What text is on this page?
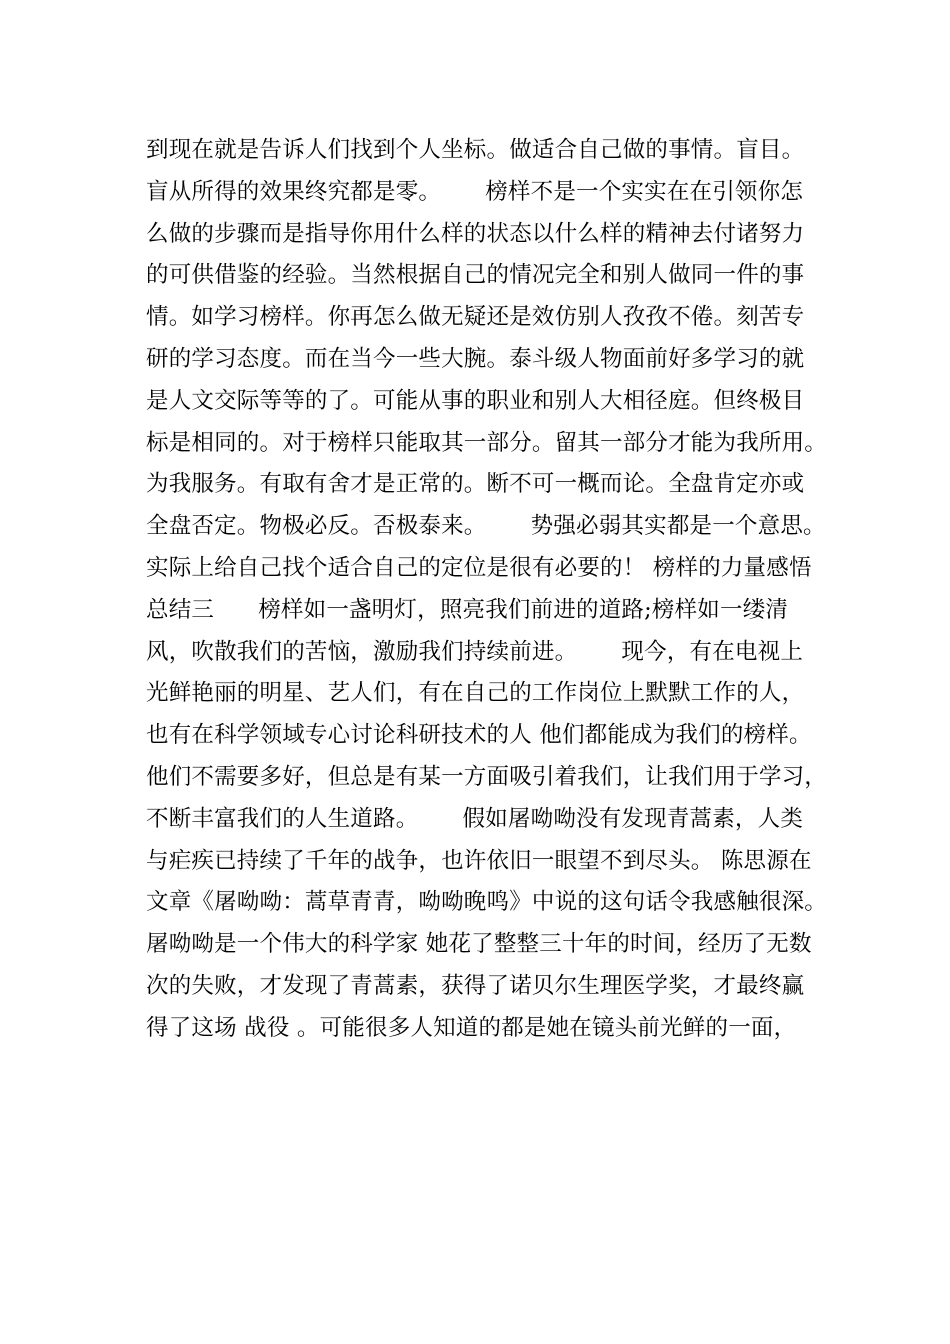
到现在就是告诉人们找到个人坐标。做适合自己做的事情。盲目。
盲从所得的效果终究都是零。      榜样不是一个实实在在引领你怎
么做的步骤而是指导你用什么样的状态以什么样的精神去付诸努力
的可供借鉴的经验。当然根据自己的情况完全和别人做同一件的事
情。如学习榜样。你再怎么做无疑还是效仿别人孜孜不倦。刻苦专
研的学习态度。而在当今一些大腕。泰斗级人物面前好多学习的就
是人文交际等等的了。可能从事的职业和别人大相径庭。但终极目
标是相同的。对于榜样只能取其一部分。留其一部分才能为我所用。
为我服务。有取有舍才是正常的。断不可一概而论。全盘肯定亦或
全盘否定。物极必反。否极泰来。      势强必弱其实都是一个意思。
实际上给自己找个适合自己的定位是很有必要的！ 榜样的力量感悟
总结三      榜样如一盏明灯，照亮我们前进的道路;榜样如一缕清
风，吹散我们的苦恼，激励我们持续前进。      现今，有在电视上
光鲜艳丽的明星、艺人们，有在自己的工作岗位上默默工作的人，
也有在科学领域专心讨论科研技术的人 他们都能成为我们的榜样。
他们不需要多好，但总是有某一方面吸引着我们，让我们用于学习，
不断丰富我们的人生道路。      假如屠呦呦没有发现青蒿素，人类
与疟疾已持续了千年的战争，也许依旧一眼望不到尽头。 陈思源在
文章《屠呦呦：蒿草青青，呦呦晚鸣》中说的这句话令我感触很深。
屠呦呦是一个伟大的科学家 她花了整整三十年的时间，经历了无数
次的失败，才发现了青蒿素，获得了诺贝尔生理医学奖，才最终赢
得了这场 战役 。可能很多人知道的都是她在镜头前光鲜的一面，
